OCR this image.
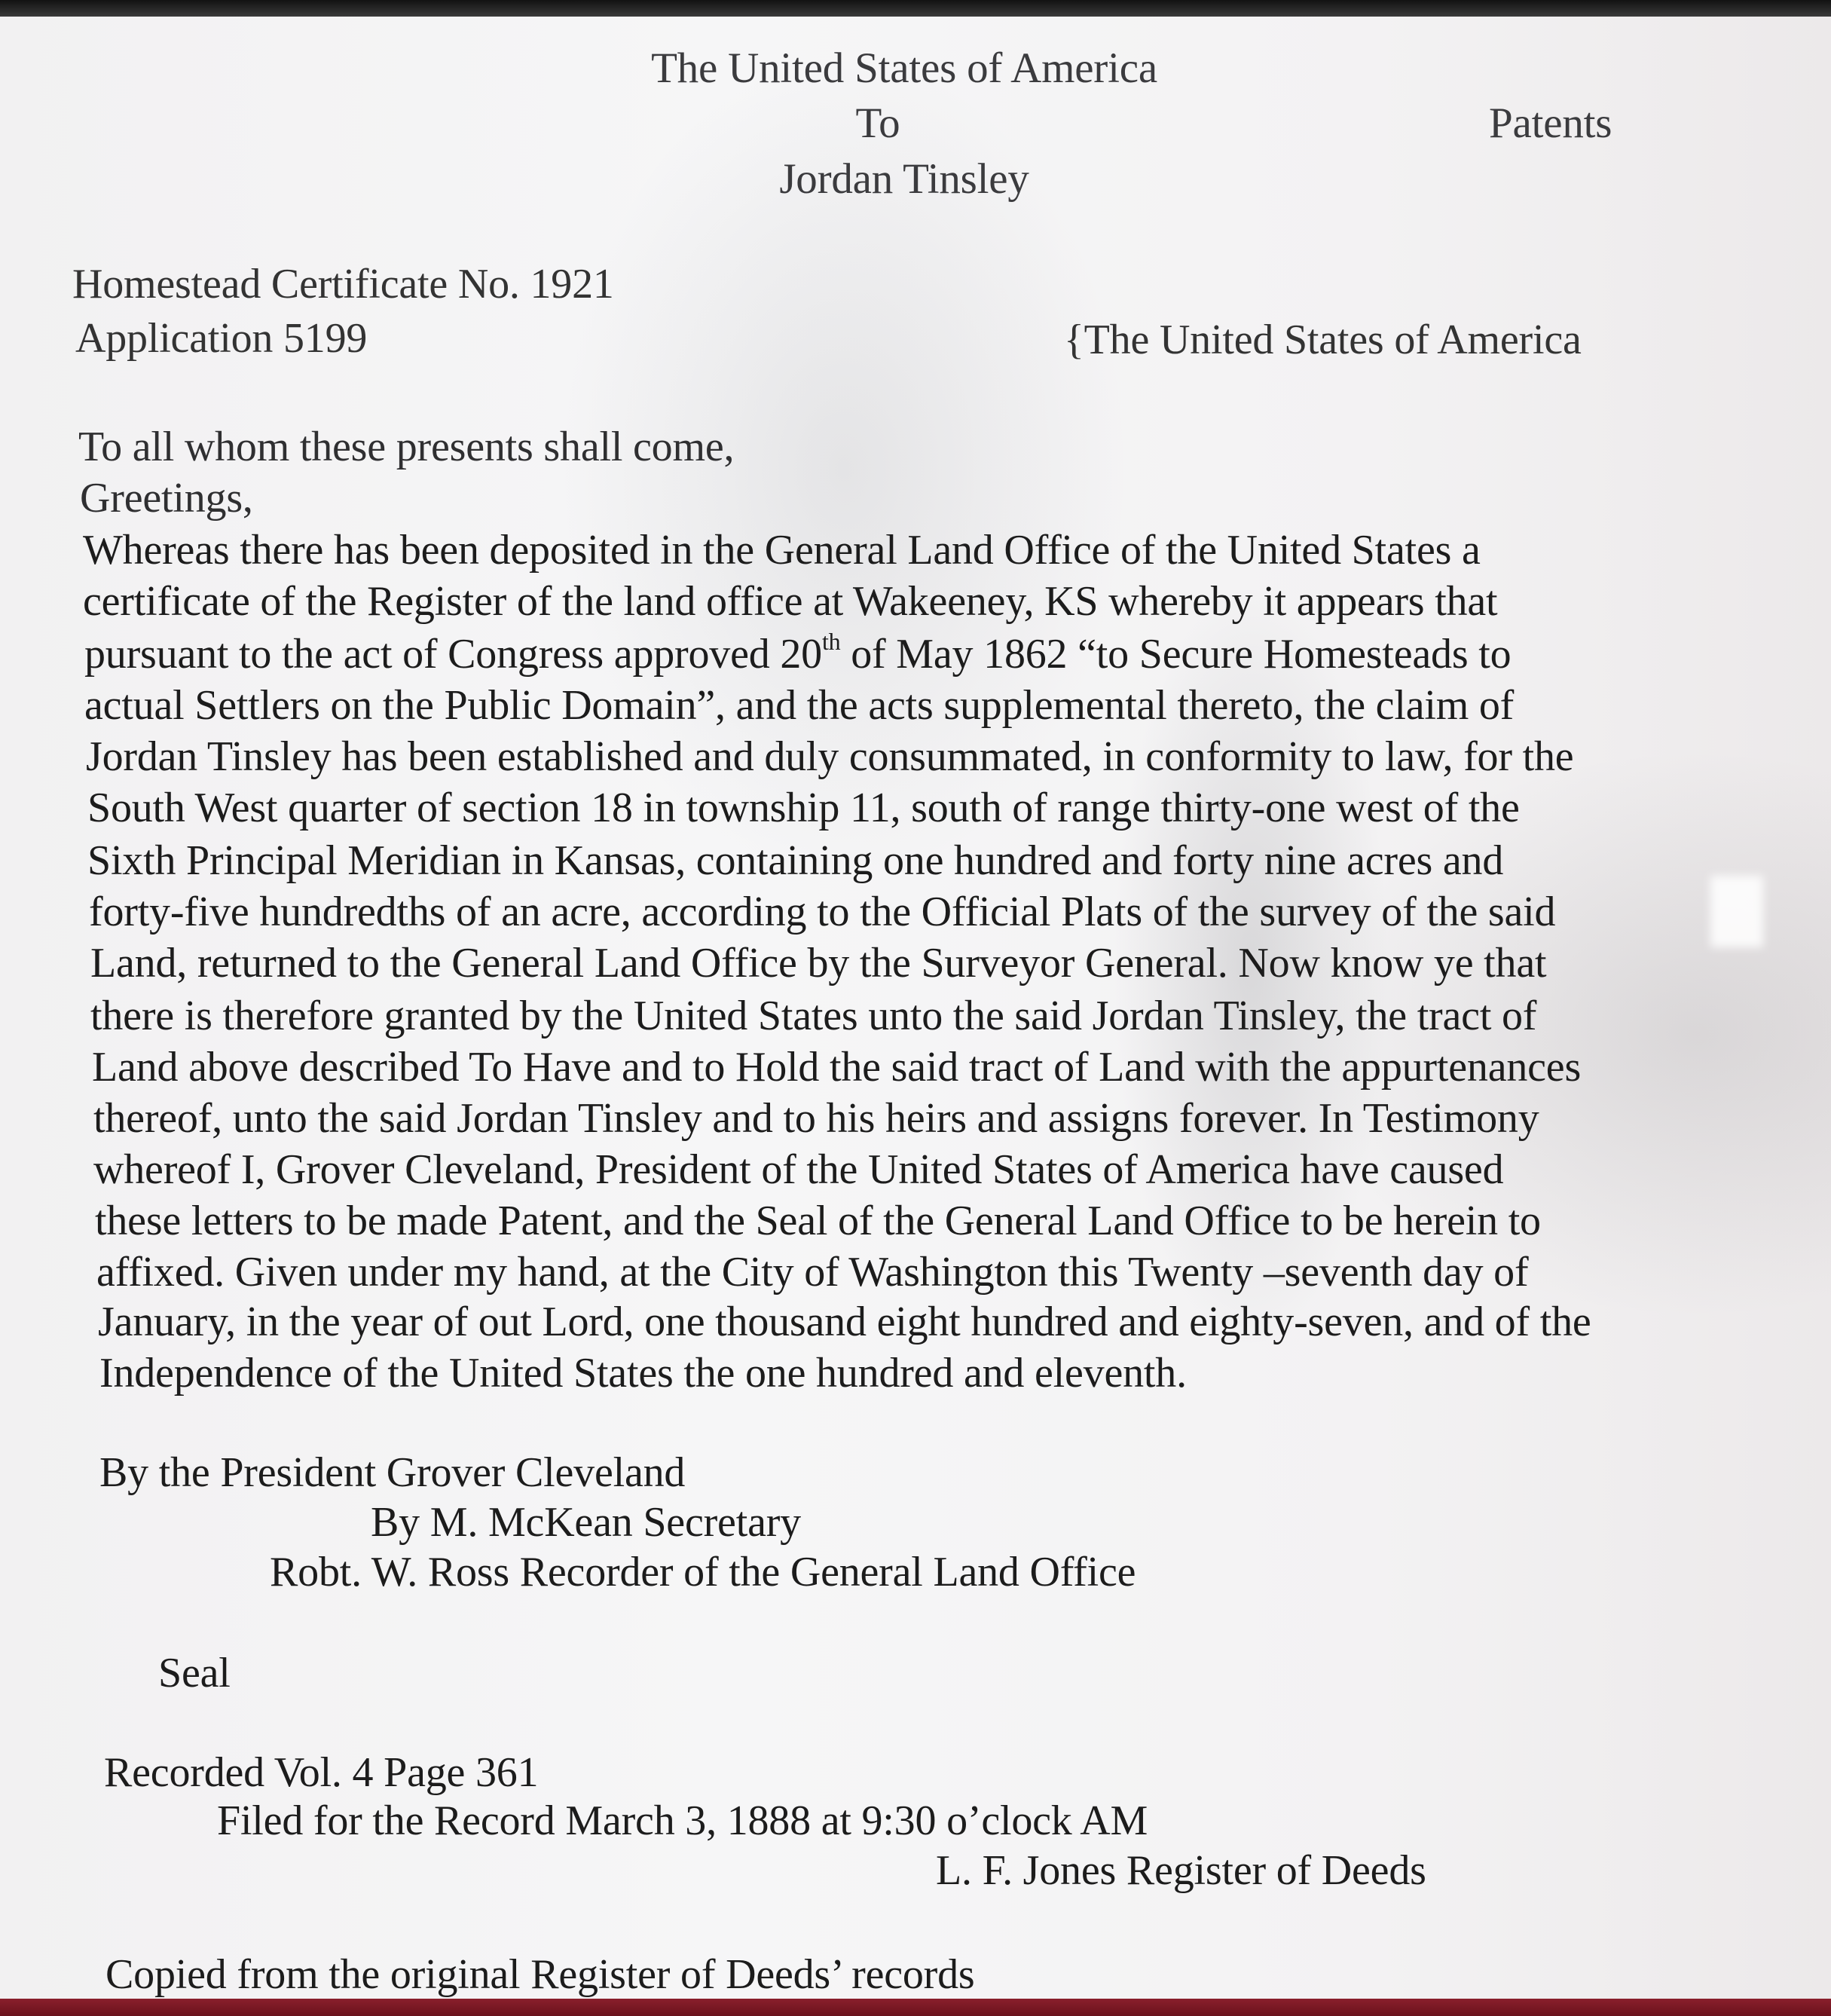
The United States of America
To
Jordan Tinsley
Patents
Homestead Certificate No. 1921
Application 5199	{The United States of America
To all whom these presents shall come,
Greetings,
Whereas there has been deposited in the General Land Office of the United States a
certificate of the Register of the land office at Wakeeney, KS whereby it appears that
pursuant to the act of Congress approved 20th of May 1862 “to Secure Homesteads to
actual Settlers on the Public Domain”, and the acts supplemental thereto, the claim of
Jordan Tinsley has been established and duly consummated, in conformity to law, for the
South West quarter of section 18 in township 11, south of range thirty-one west of the
Sixth Principal Meridian in Kansas, containing one hundred and forty nine acres and
forty-five hundredths of an acre, according to the Official Plats of the survey of the said
Land, returned to the General Land Office by the Surveyor General. Now know ye that
there is therefore granted by the United States unto the said Jordan Tinsley, the tract of
Land above described To Have and to Hold the said tract of Land with the appurtenances
thereof, unto the said Jordan Tinsley and to his heirs and assigns forever. In Testimony
whereof I, Grover Cleveland, President of the United States of America have caused
these letters to be made Patent, and the Seal of the General Land Office to be herein to
affixed. Given under my hand, at the City of Washington this Twenty –seventh day of
January, in the year of out Lord, one thousand eight hundred and eighty-seven, and of the
Independence of the United States the one hundred and eleventh.
By the President Grover Cleveland
By M. McKean Secretary
Robt. W. Ross Recorder of the General Land Office
Seal
Recorded Vol. 4 Page 361
Filed for the Record March 3, 1888 at 9:30 o’clock AM
L. F. Jones Register of Deeds
Copied from the original Register of Deeds’ records
